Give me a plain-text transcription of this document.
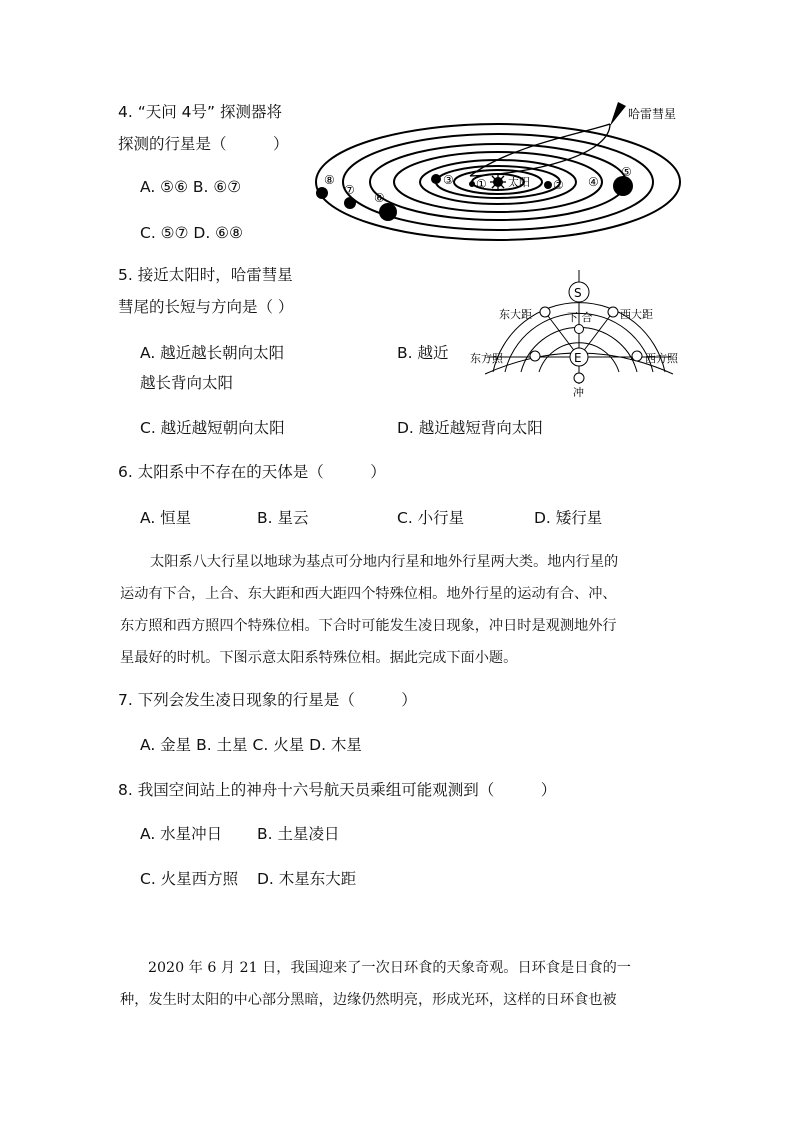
4. “天问 4号” 探测器将
探测的行星是（　　　）
A. ⑤⑥ B. ⑥⑦
C. ⑤⑦ D. ⑥⑧
哈雷彗星
太阳
①	②
③	④
⑤
⑥
⑦
⑧
5. 接近太阳时，哈雷彗星
彗尾的长短与方向是（ ）
A. 越近越长朝向太阳	B. 越近
越长背向太阳
C. 越近越短朝向太阳	D. 越近越短背向太阳
S
E
下 合
东大距	西大距
东方照	西方照
冲
6. 太阳系中不存在的天体是（　　　）
A. 恒星	B. 星云	C. 小行星	D. 矮行星
太阳系八大行星以地球为基点可分地内行星和地外行星两大类。地内行星的
运动有下合，上合、东大距和西大距四个特殊位相。地外行星的运动有合、冲、
东方照和西方照四个特殊位相。下合时可能发生凌日现象，冲日时是观测地外行
星最好的时机。下图示意太阳系特殊位相。据此完成下面小题。
7. 下列会发生凌日现象的行星是（　　　）
A. 金星 B. 土星 C. 火星 D. 木星
8. 我国空间站上的神舟十六号航天员乘组可能观测到（　　　）
A. 水星冲日 B. 土星凌日
C. 火星西方照 D. 木星东大距
2020 年 6 月 21 日，我国迎来了一次日环食的天象奇观。日环食是日食的一
种，发生时太阳的中心部分黑暗，边缘仍然明亮，形成光环，这样的日环食也被
